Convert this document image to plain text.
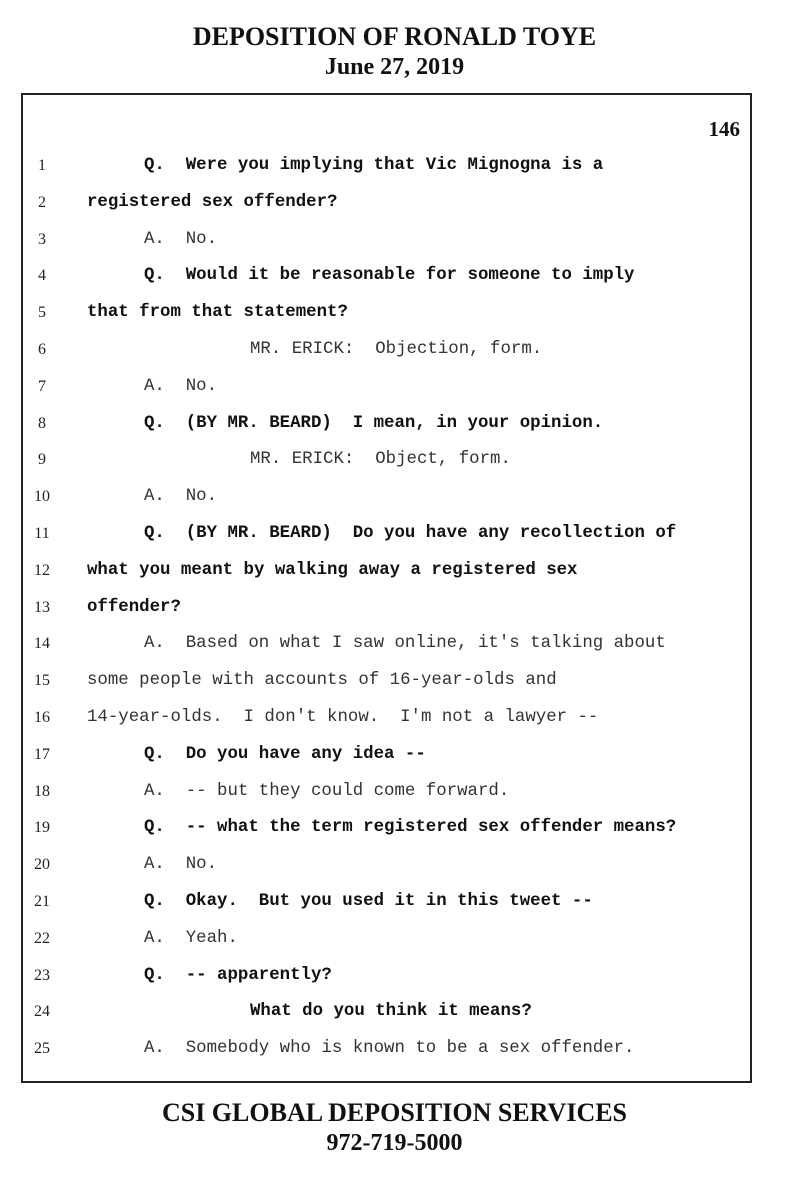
DEPOSITION OF RONALD TOYE
June 27, 2019
146
1	Q.  Were you implying that Vic Mignogna is a
2	registered sex offender?
3	A.  No.
4	Q.  Would it be reasonable for someone to imply
5	that from that statement?
6	MR. ERICK:  Objection, form.
7	A.  No.
8	Q.  (BY MR. BEARD)  I mean, in your opinion.
9	MR. ERICK:  Object, form.
10	A.  No.
11	Q.  (BY MR. BEARD)  Do you have any recollection of
12	what you meant by walking away a registered sex
13	offender?
14	A.  Based on what I saw online, it's talking about
15	some people with accounts of 16-year-olds and
16	14-year-olds.  I don't know.  I'm not a lawyer --
17	Q.  Do you have any idea --
18	A.  -- but they could come forward.
19	Q.  -- what the term registered sex offender means?
20	A.  No.
21	Q.  Okay.  But you used it in this tweet --
22	A.  Yeah.
23	Q.  -- apparently?
24	What do you think it means?
25	A.  Somebody who is known to be a sex offender.
CSI GLOBAL DEPOSITION SERVICES
972-719-5000
